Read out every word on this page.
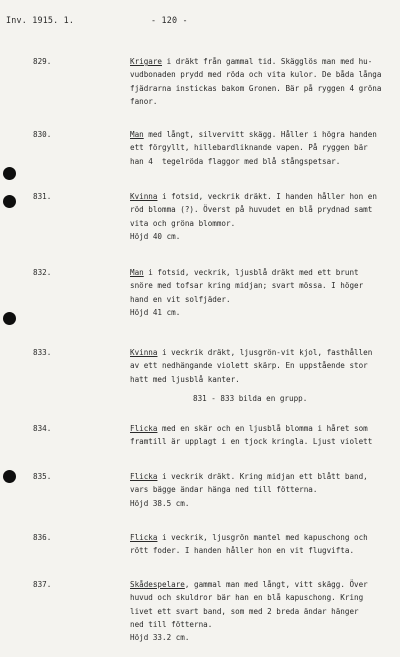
Inv. 1915. 1.	- 120 -
829.	Krigare i dräkt från gammal tid. Skägglös man med hu-
vudbonaden prydd med röda och vita kulor. De båda långa
fjädrarna instickas bakom Gronen. Bär på ryggen 4 gröna
fanor.
830.	Man med långt, silvervitt skägg. Håller i högra handen
ett förgyllt, hillebardliknande vapen. På ryggen bär
han 4  tegelröda flaggor med blå stångspetsar.
831.	Kvinna i fotsid, veckrik dräkt. I handen håller hon en
röd blomma (?). Överst på huvudet en blå prydnad samt
vita och gröna blommor.
Höjd 40 cm.
832.	Man i fotsid, veckrik, ljusblå dräkt med ett brunt
snöre med tofsar kring midjan; svart mössa. I höger
hand en vit solfjäder.
Höjd 41 cm.
833.	Kvinna i veckrik dräkt, ljusgrön-vit kjol, fasthållen
av ett nedhängande violett skärp. En uppstående stor
hatt med ljusblå kanter.
831 - 833 bilda en grupp.
834.	Flicka med en skär och en ljusblå blomma i håret som
framtill är upplagt i en tjock kringla. Ljust violett
835.	Flicka i veckrik dräkt. Kring midjan ett blått band,
vars bägge ändar hänga ned till fötterna.
Höjd 38.5 cm.
836.	Flicka i veckrik, ljusgrön mantel med kapuschong och
rött foder. I handen håller hon en vit flugvifta.
837.	Skådespelare, gammal man med långt, vitt skägg. Över
huvud och skuldror bär han en blå kapuschong. Kring
livet ett svart band, som med 2 breda ändar hänger
ned till fötterna.
Höjd 33.2 cm.
